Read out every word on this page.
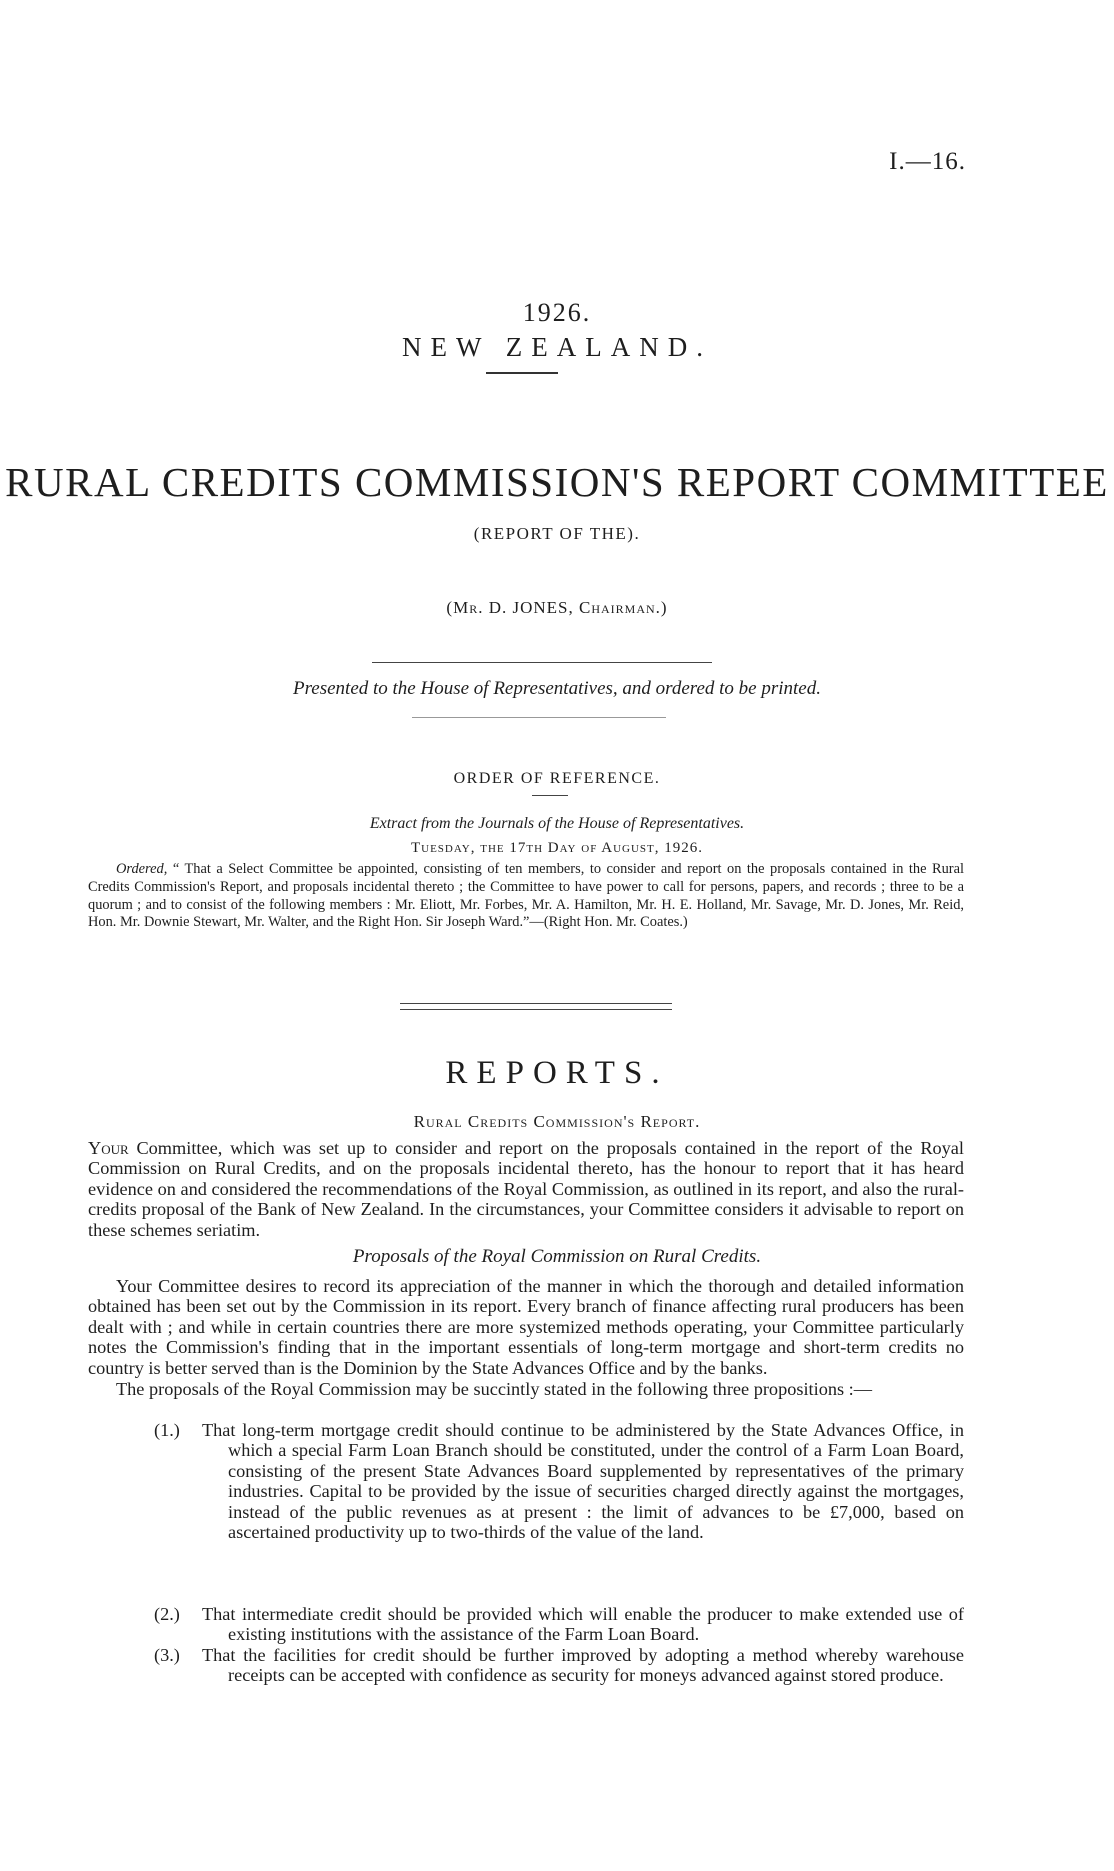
I.—16.
1926.
NEW ZEALAND.
RURAL CREDITS COMMISSION'S REPORT COMMITTEE
(REPORT OF THE).
(Mr. D. JONES, Chairman.)
Presented to the House of Representatives, and ordered to be printed.
ORDER OF REFERENCE.
Extract from the Journals of the House of Representatives.
Tuesday, the 17th Day of August, 1926.
Ordered, “ That a Select Committee be appointed, consisting of ten members, to consider and report on the proposals contained in the Rural Credits Commission's Report, and proposals incidental thereto ; the Committee to have power to call for persons, papers, and records ; three to be a quorum ; and to consist of the following members : Mr. Eliott, Mr. Forbes, Mr. A. Hamilton, Mr. H. E. Holland, Mr. Savage, Mr. D. Jones, Mr. Reid, Hon. Mr. Downie Stewart, Mr. Walter, and the Right Hon. Sir Joseph Ward.”—(Right Hon. Mr. Coates.)
REPORTS.
Rural Credits Commission's Report.
Your Committee, which was set up to consider and report on the proposals contained in the report of the Royal Commission on Rural Credits, and on the proposals incidental thereto, has the honour to report that it has heard evidence on and considered the recommendations of the Royal Commission, as outlined in its report, and also the rural-credits proposal of the Bank of New Zealand. In the circumstances, your Committee considers it advisable to report on these schemes seriatim.
Proposals of the Royal Commission on Rural Credits.
Your Committee desires to record its appreciation of the manner in which the thorough and detailed information obtained has been set out by the Commission in its report. Every branch of finance affecting rural producers has been dealt with ; and while in certain countries there are more systemized methods operating, your Committee particularly notes the Commission's finding that in the important essentials of long-term mortgage and short-term credits no country is better served than is the Dominion by the State Advances Office and by the banks.
The proposals of the Royal Commission may be succintly stated in the following three propositions :—
(1.) That long-term mortgage credit should continue to be administered by the State Advances Office, in which a special Farm Loan Branch should be constituted, under the control of a Farm Loan Board, consisting of the present State Advances Board supplemented by representatives of the primary industries. Capital to be provided by the issue of securities charged directly against the mortgages, instead of the public revenues as at present : the limit of advances to be £7,000, based on ascertained productivity up to two-thirds of the value of the land.
(2.) That intermediate credit should be provided which will enable the producer to make extended use of existing institutions with the assistance of the Farm Loan Board.
(3.) That the facilities for credit should be further improved by adopting a method whereby warehouse receipts can be accepted with confidence as security for moneys advanced against stored produce.
